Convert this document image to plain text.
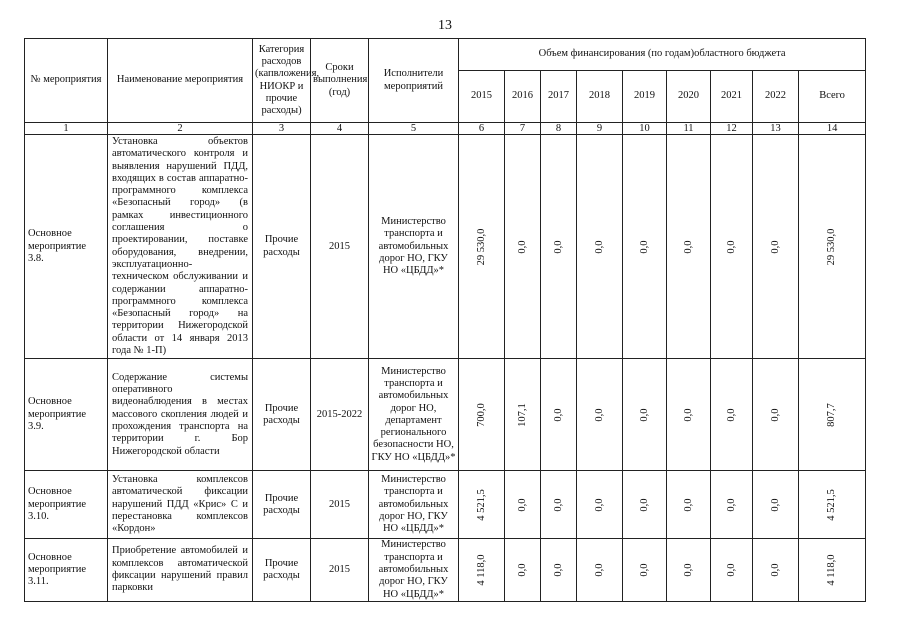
13
№ мероприятия	Наименование мероприятия	Категория расходов (капвложения, НИОКР и прочие расходы)	Сроки выполнения (год)	Исполнители мероприятий	Объем финансирования (по годам)областного бюджета								
					2015	2016	2017	2018	2019	2020	2021	2022	Всего
1	2	3	4	5	6	7	8	9	10	11	12	13	14
Основное мероприятие 3.8.	Установка объектов автоматического контроля и выявления нарушений ПДД, входящих в состав аппаратно-программного комплекса «Безопасный город» (в рамках инвестиционного соглашения о проектировании, поставке оборудования, внедрении, эксплуатационно-техническом обслуживании и содержании аппаратно-программного комплекса «Безопасный город» на территории Нижегородской области от 14 января 2013 года № 1-П)	Прочие расходы	2015	Министерство транспорта и автомобильных дорог НО, ГКУ НО «ЦБДД»*	29 530,0	0,0	0,0	0,0	0,0	0,0	0,0	0,0	29 530,0

Основное мероприятие 3.9.	Содержание системы оперативного видеонаблюдения в местах массового скопления людей и прохождения транспорта на территории г. Бор Нижегородской области	Прочие расходы	2015-2022	Министерство транспорта и автомобильных дорог НО, департамент регионального безопасности НО, ГКУ НО «ЦБДД»*	700,0	107,1	0,0	0,0	0,0	0,0	0,0	0,0	807,7

Основное мероприятие 3.10.	Установка комплексов автоматической фиксации нарушений ПДД «Крис» С и перестановка комплексов «Кордон»	Прочие расходы	2015	Министерство транспорта и автомобильных дорог НО, ГКУ НО «ЦБДД»*	4 521,5	0,0	0,0	0,0	0,0	0,0	0,0	0,0	4 521,5

Основное мероприятие 3.11.	Приобретение автомобилей и комплексов автоматической фиксации нарушений правил парковки	Прочие расходы	2015	Министерство транспорта и автомобильных дорог НО, ГКУ НО «ЦБДД»*	4 118,0	0,0	0,0	0,0	0,0	0,0	0,0	0,0	4 118,0
